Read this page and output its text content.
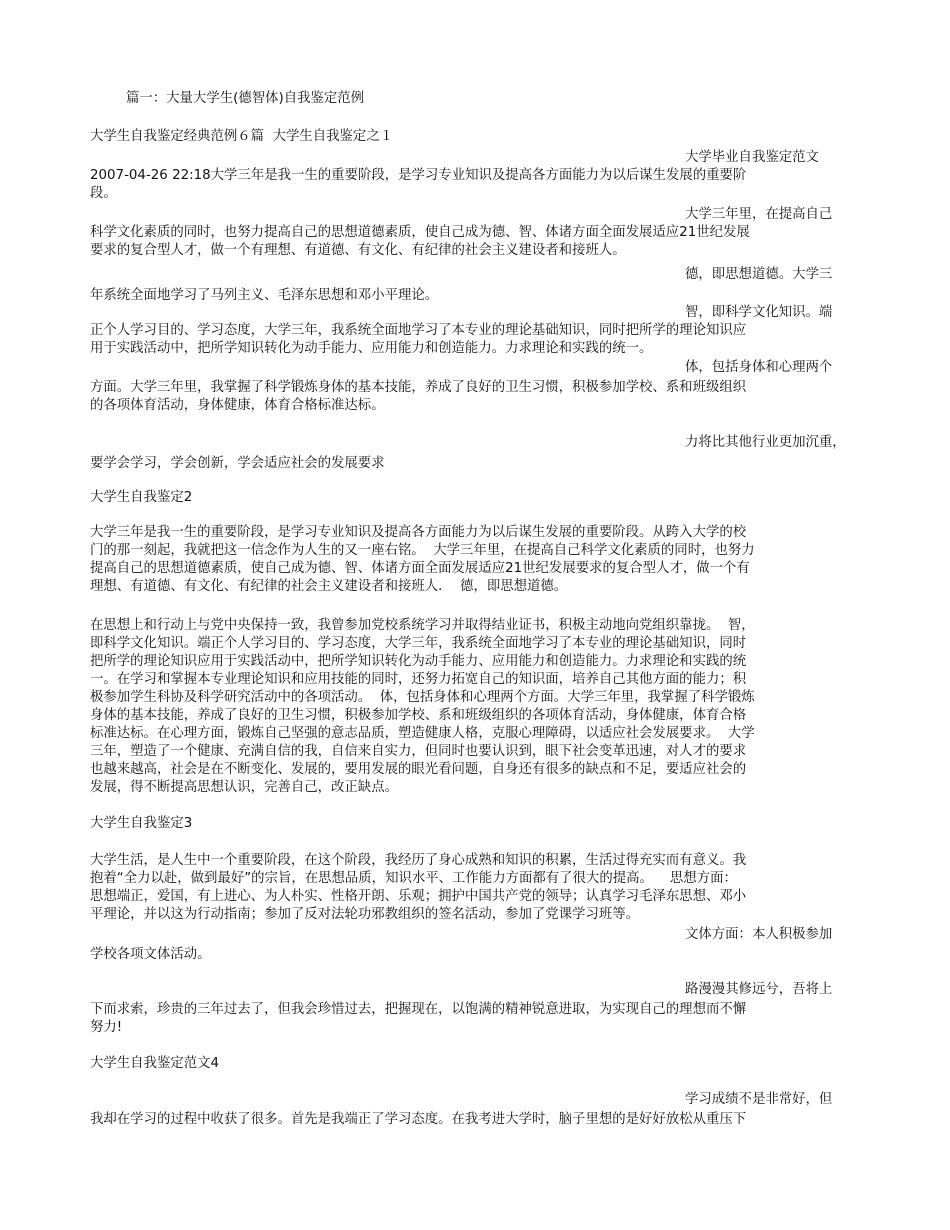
篇一：大量大学生(德智体)自我鉴定范例
大学生自我鉴定经典范例６篇  大学生自我鉴定之１
大学毕业自我鉴定范文
2007-04-26 22:18大学三年是我一生的重要阶段，是学习专业知识及提高各方面能力为以后谋生发展的重要阶
段。
大学三年里，在提高自己
科学文化素质的同时，也努力提高自己的思想道德素质，使自己成为德、智、体诸方面全面发展适应21世纪发展
要求的复合型人才，做一个有理想、有道德、有文化、有纪律的社会主义建设者和接班人。
德，即思想道德。大学三
年系统全面地学习了马列主义、毛泽东思想和邓小平理论。
智，即科学文化知识。端
正个人学习目的、学习态度，大学三年，我系统全面地学习了本专业的理论基础知识，同时把所学的理论知识应
用于实践活动中，把所学知识转化为动手能力、应用能力和创造能力。力求理论和实践的统一。
体，包括身体和心理两个
方面。大学三年里，我掌握了科学锻炼身体的基本技能，养成了良好的卫生习惯，积极参加学校、系和班级组织
的各项体育活动，身体健康，体育合格标准达标。
力将比其他行业更加沉重，
要学会学习，学会创新，学会适应社会的发展要求
大学生自我鉴定2
大学三年是我一生的重要阶段，是学习专业知识及提高各方面能力为以后谋生发展的重要阶段。从跨入大学的校
门的那一刻起，我就把这一信念作为人生的又一座右铭。  大学三年里，在提高自己科学文化素质的同时，也努力
提高自己的思想道德素质，使自己成为德、智、体诸方面全面发展适应21世纪发展要求的复合型人才，做一个有
理想、有道德、有文化、有纪律的社会主义建设者和接班人．  德，即思想道德。
在思想上和行动上与党中央保持一致，我曾参加党校系统学习并取得结业证书，积极主动地向党组织靠拢。  智，
即科学文化知识。端正个人学习目的、学习态度，大学三年，我系统全面地学习了本专业的理论基础知识，同时
把所学的理论知识应用于实践活动中，把所学知识转化为动手能力、应用能力和创造能力。力求理论和实践的统
一。在学习和掌握本专业理论知识和应用技能的同时，还努力拓宽自己的知识面，培养自己其他方面的能力；积
极参加学生科协及科学研究活动中的各项活动。  体，包括身体和心理两个方面。大学三年里，我掌握了科学锻炼
身体的基本技能，养成了良好的卫生习惯，积极参加学校、系和班级组织的各项体育活动，身体健康，体育合格
标准达标。在心理方面，锻炼自己坚强的意志品质，塑造健康人格，克服心理障碍，以适应社会发展要求。  大学
三年，塑造了一个健康、充满自信的我，自信来自实力，但同时也要认识到，眼下社会变革迅速，对人才的要求
也越来越高，社会是在不断变化、发展的，要用发展的眼光看问题，自身还有很多的缺点和不足，要适应社会的
发展，得不断提高思想认识，完善自己，改正缺点。
大学生自我鉴定3
大学生活，是人生中一个重要阶段，在这个阶段，我经历了身心成熟和知识的积累，生活过得充实而有意义。我
抱着“全力以赴，做到最好”的宗旨，在思想品质，知识水平、工作能力方面都有了很大的提高。    思想方面：
思想端正，爱国，有上进心、为人朴实、性格开朗、乐观；拥护中国共产党的领导；认真学习毛泽东思想、邓小
平理论，并以这为行动指南；参加了反对法轮功邪教组织的签名活动，参加了党课学习班等。
文体方面：本人积极参加
学校各项文体活动。
路漫漫其修远兮，吾将上
下而求索，珍贵的三年过去了，但我会珍惜过去，把握现在，以饱满的精神锐意进取，为实现自己的理想而不懈
努力!
大学生自我鉴定范文4
学习成绩不是非常好，但
我却在学习的过程中收获了很多。首先是我端正了学习态度。在我考进大学时，脑子里想的是好好放松从重压下
